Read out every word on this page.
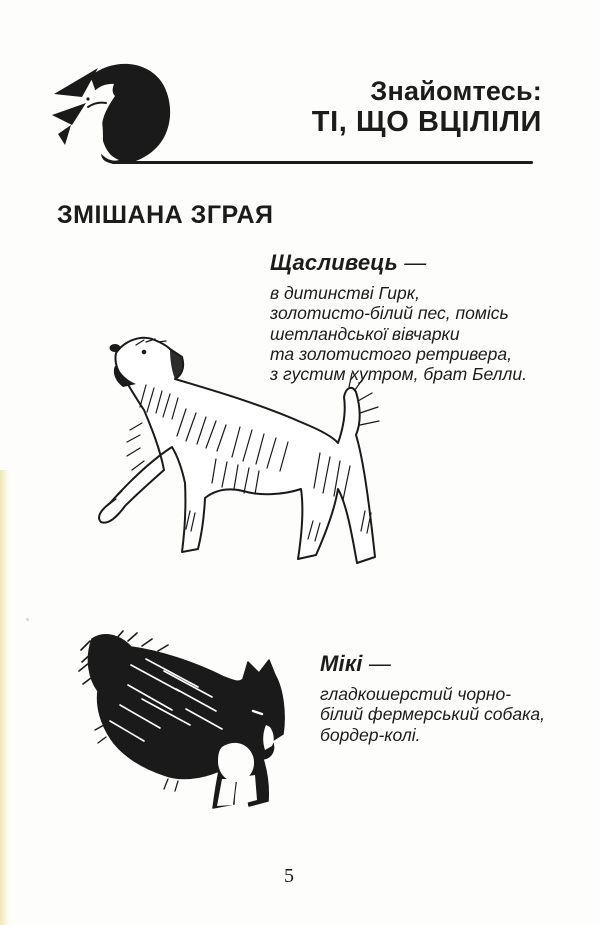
Знайомтесь:
ТІ, ЩО ВЦІЛІЛИ
ЗМІШАНА ЗГРАЯ
Щасливець —
в дитинстві Гирк,
золотисто-білий пес, помісь
шетландської вівчарки
та золотистого ретривера,
з густим хутром, брат Белли.
Мікі —
гладкошерстий чорно-
білий фермерський собака,
бордер-колі.
5
